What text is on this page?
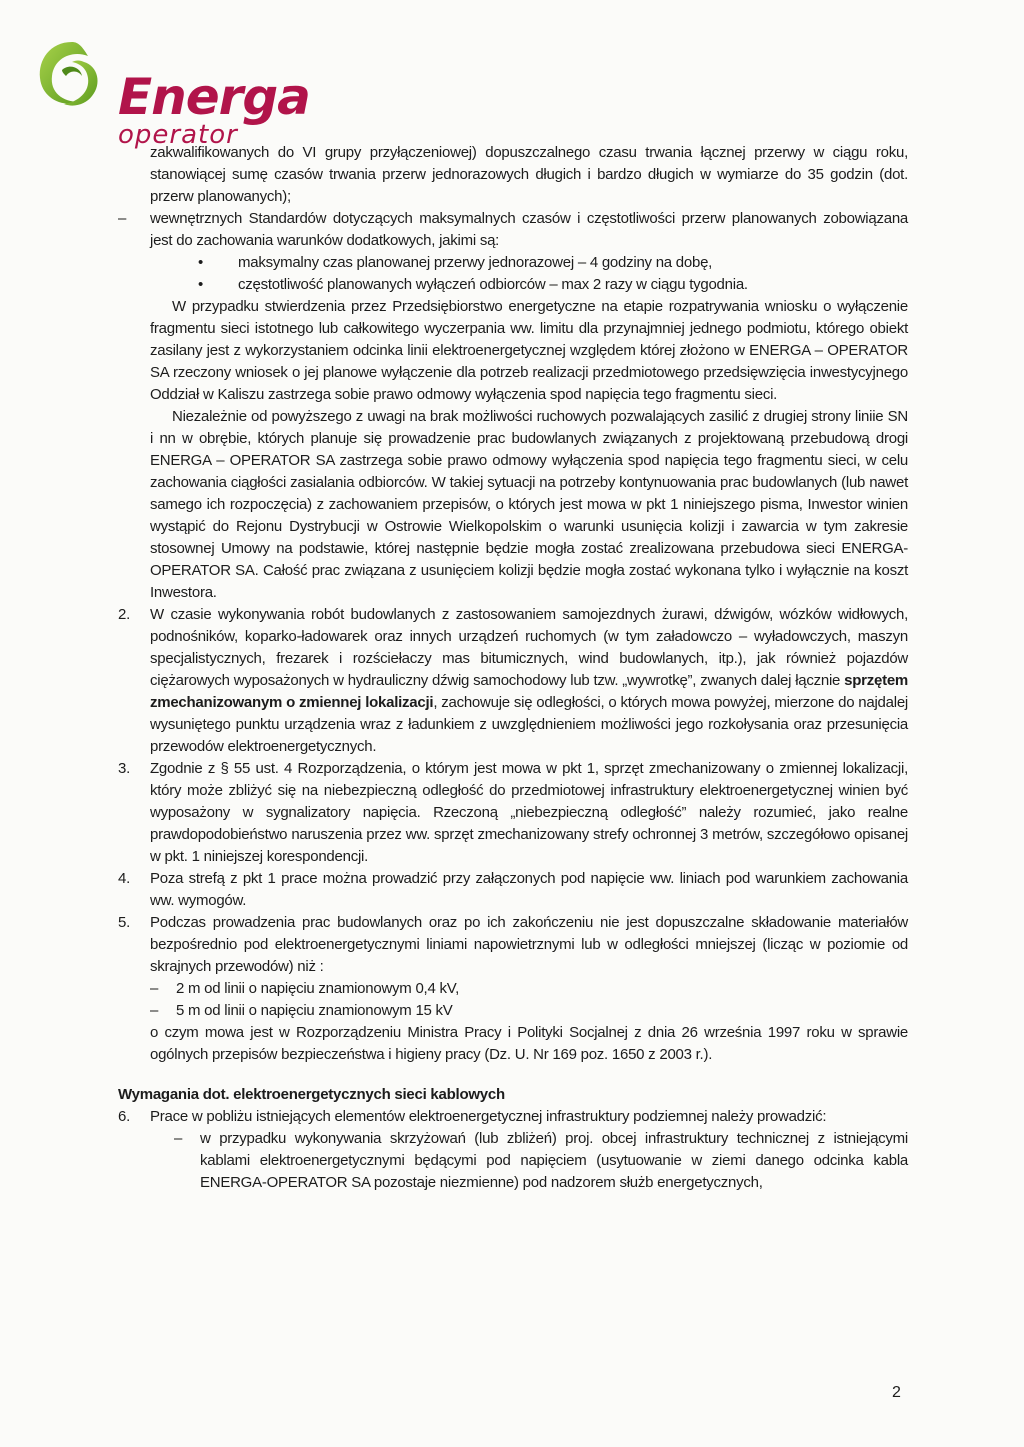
Energa
operator

zakwalifikowanych do VI grupy przyłączeniowej) dopuszczalnego czasu trwania łącznej przerwy w ciągu roku, stanowiącej sumę czasów trwania przerw jednorazowych długich i bardzo długich w wymiarze do 35 godzin (dot. przerw planowanych);

– wewnętrznych Standardów dotyczących maksymalnych czasów i częstotliwości przerw planowanych zobowiązana jest do zachowania warunków dodatkowych, jakimi są:

• maksymalny czas planowanej przerwy jednorazowej – 4 godziny na dobę,

• częstotliwość planowanych wyłączeń odbiorców – max 2 razy w ciągu tygodnia.

W przypadku stwierdzenia przez Przedsiębiorstwo energetyczne na etapie rozpatrywania wniosku o wyłączenie fragmentu sieci istotnego lub całkowitego wyczerpania ww. limitu dla przynajmniej jednego podmiotu, którego obiekt zasilany jest z wykorzystaniem odcinka linii elektroenergetycznej względem której złożono w ENERGA – OPERATOR SA rzeczony wniosek o jej planowe wyłączenie dla potrzeb realizacji przedmiotowego przedsięwzięcia inwestycyjnego Oddział w Kaliszu zastrzega sobie prawo odmowy wyłączenia spod napięcia tego fragmentu sieci.

Niezależnie od powyższego z uwagi na brak możliwości ruchowych pozwalających zasilić z drugiej strony liniie SN i nn w obrębie, których planuje się prowadzenie prac budowlanych związanych z projektowaną przebudową drogi ENERGA – OPERATOR SA zastrzega sobie prawo odmowy wyłączenia spod napięcia tego fragmentu sieci, w celu zachowania ciągłości zasialania odbiorców. W takiej sytuacji na potrzeby kontynuowania prac budowlanych (lub nawet samego ich rozpoczęcia) z zachowaniem przepisów, o których jest mowa w pkt 1 niniejszego pisma, Inwestor winien wystąpić do Rejonu Dystrybucji w Ostrowie Wielkopolskim o warunki usunięcia kolizji i zawarcia w tym zakresie stosownej Umowy na podstawie, której następnie będzie mogła zostać zrealizowana przebudowa sieci ENERGA-OPERATOR SA. Całość prac związana z usunięciem kolizji będzie mogła zostać wykonana tylko i wyłącznie na koszt Inwestora.

2. W czasie wykonywania robót budowlanych z zastosowaniem samojezdnych żurawi, dźwigów, wózków widłowych, podnośników, koparko-ładowarek oraz innych urządzeń ruchomych (w tym załadowczo – wyładowczych, maszyn specjalistycznych, frezarek i rozściełaczy mas bitumicznych, wind budowlanych, itp.), jak również pojazdów ciężarowych wyposażonych w hydrauliczny dźwig samochodowy lub tzw. „wywrotkę”, zwanych dalej łącznie sprzętem zmechanizowanym o zmiennej lokalizacji, zachowuje się odległości, o których mowa powyżej, mierzone do najdalej wysuniętego punktu urządzenia wraz z ładunkiem z uwzględnieniem możliwości jego rozkołysania oraz przesunięcia przewodów elektroenergetycznych.

3. Zgodnie z § 55 ust. 4 Rozporządzenia, o którym jest mowa w pkt 1, sprzęt zmechanizowany o zmiennej lokalizacji, który może zbliżyć się na niebezpieczną odległość do przedmiotowej infrastruktury elektroenergetycznej winien być wyposażony w sygnalizatory napięcia. Rzeczoną „niebezpieczną odległość” należy rozumieć, jako realne prawdopodobieństwo naruszenia przez ww. sprzęt zmechanizowany strefy ochronnej 3 metrów, szczegółowo opisanej w pkt. 1 niniejszej korespondencji.

4. Poza strefą z pkt 1 prace można prowadzić przy załączonych pod napięcie ww. liniach pod warunkiem zachowania ww. wymogów.

5. Podczas prowadzenia prac budowlanych oraz po ich zakończeniu nie jest dopuszczalne składowanie materiałów bezpośrednio pod elektroenergetycznymi liniami napowietrznymi lub w odległości mniejszej (licząc w poziomie od skrajnych przewodów) niż :

– 2 m od linii o napięciu znamionowym 0,4 kV,

– 5 m od linii o napięciu znamionowym 15 kV

o czym mowa jest w Rozporządzeniu Ministra Pracy i Polityki Socjalnej z dnia 26 września 1997 roku w sprawie ogólnych przepisów bezpieczeństwa i higieny pracy (Dz. U. Nr 169 poz. 1650 z 2003 r.).

Wymagania dot. elektroenergetycznych sieci kablowych

6. Prace w pobliżu istniejących elementów elektroenergetycznej infrastruktury podziemnej należy prowadzić:

– w przypadku wykonywania skrzyżowań (lub zbliżeń) proj. obcej infrastruktury technicznej z istniejącymi kablami elektroenergetycznymi będącymi pod napięciem (usytuowanie w ziemi danego odcinka kabla ENERGA-OPERATOR SA pozostaje niezmienne) pod nadzorem służb energetycznych,

2
